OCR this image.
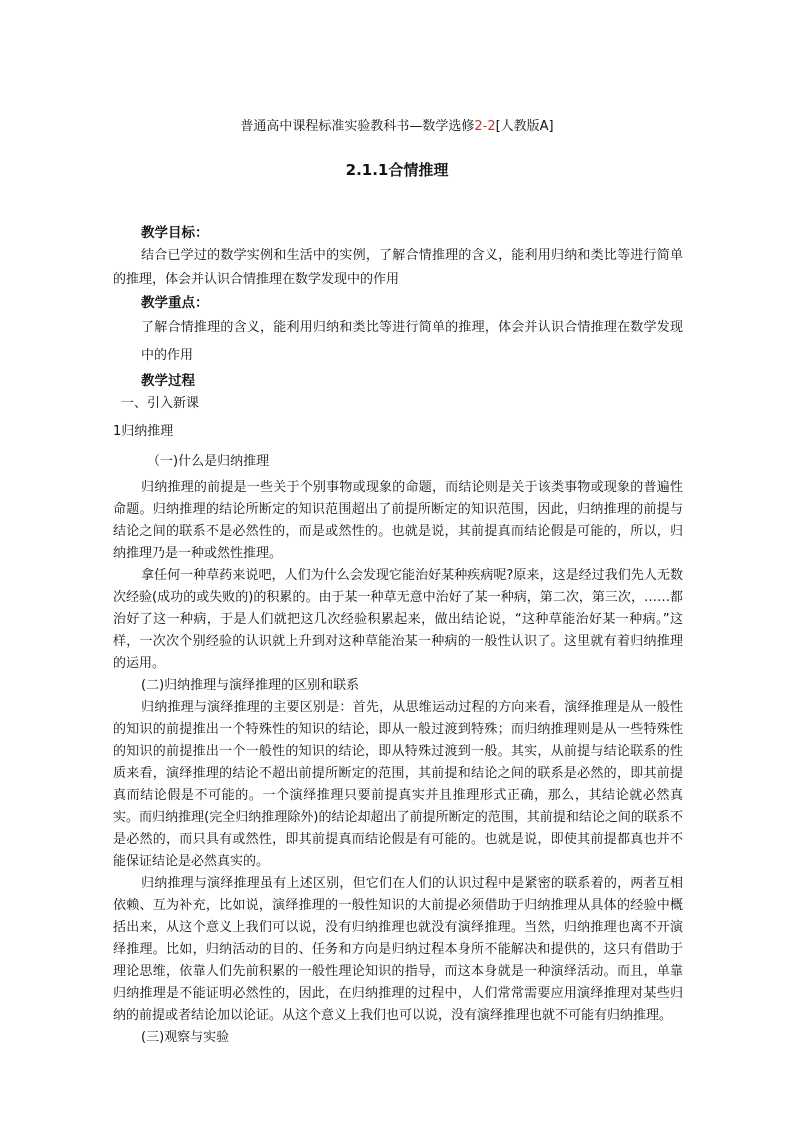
普通高中课程标准实验教科书—数学选修2-2[人教版A]
2.1.1合情推理

教学目标：

结合已学过的数学实例和生活中的实例，了解合情推理的含义，能利用归纳和类比等进行简单的推理，体会并认识合情推理在数学发现中的作用

教学重点：

了解合情推理的含义，能利用归纳和类比等进行简单的推理，体会并认识合情推理在数学发现中的作用

教学过程

一、引入新课

1归纳推理

（一)什么是归纳推理

归纳推理的前提是一些关于个别事物或现象的命题，而结论则是关于该类事物或现象的普遍性命题。归纳推理的结论所断定的知识范围超出了前提所断定的知识范围，因此，归纳推理的前提与结论之间的联系不是必然性的，而是或然性的。也就是说，其前提真而结论假是可能的，所以，归纳推理乃是一种或然性推理。

拿任何一种草药来说吧，人们为什么会发现它能治好某种疾病呢?原来，这是经过我们先人无数次经验(成功的或失败的)的积累的。由于某一种草无意中治好了某一种病，第二次，第三次，……都治好了这一种病，于是人们就把这几次经验积累起来，做出结论说，“这种草能治好某一种病。”这样，一次次个别经验的认识就上升到对这种草能治某一种病的一般性认识了。这里就有着归纳推理的运用。

(二)归纳推理与演绎推理的区别和联系

归纳推理与演绎推理的主要区别是：首先，从思维运动过程的方向来看，演绎推理是从一般性的知识的前提推出一个特殊性的知识的结论，即从一般过渡到特殊；而归纳推理则是从一些特殊性的知识的前提推出一个一般性的知识的结论，即从特殊过渡到一般。其实，从前提与结论联系的性质来看，演绎推理的结论不超出前提所断定的范围，其前提和结论之间的联系是必然的，即其前提真而结论假是不可能的。一个演绎推理只要前提真实并且推理形式正确，那么，其结论就必然真实。而归纳推理(完全归纳推理除外)的结论却超出了前提所断定的范围，其前提和结论之间的联系不是必然的，而只具有或然性，即其前提真而结论假是有可能的。也就是说，即使其前提都真也并不能保证结论是必然真实的。

归纳推理与演绎推理虽有上述区别，但它们在人们的认识过程中是紧密的联系着的，两者互相依赖、互为补充，比如说，演绎推理的一般性知识的大前提必须借助于归纳推理从具体的经验中概括出来，从这个意义上我们可以说，没有归纳推理也就没有演绎推理。当然，归纳推理也离不开演绎推理。比如，归纳活动的目的、任务和方向是归纳过程本身所不能解决和提供的，这只有借助于理论思维，依靠人们先前积累的一般性理论知识的指导，而这本身就是一种演绎活动。而且，单靠归纳推理是不能证明必然性的，因此，在归纳推理的过程中，人们常常需要应用演绎推理对某些归纳的前提或者结论加以论证。从这个意义上我们也可以说，没有演绎推理也就不可能有归纳推理。

(三)观察与实验
